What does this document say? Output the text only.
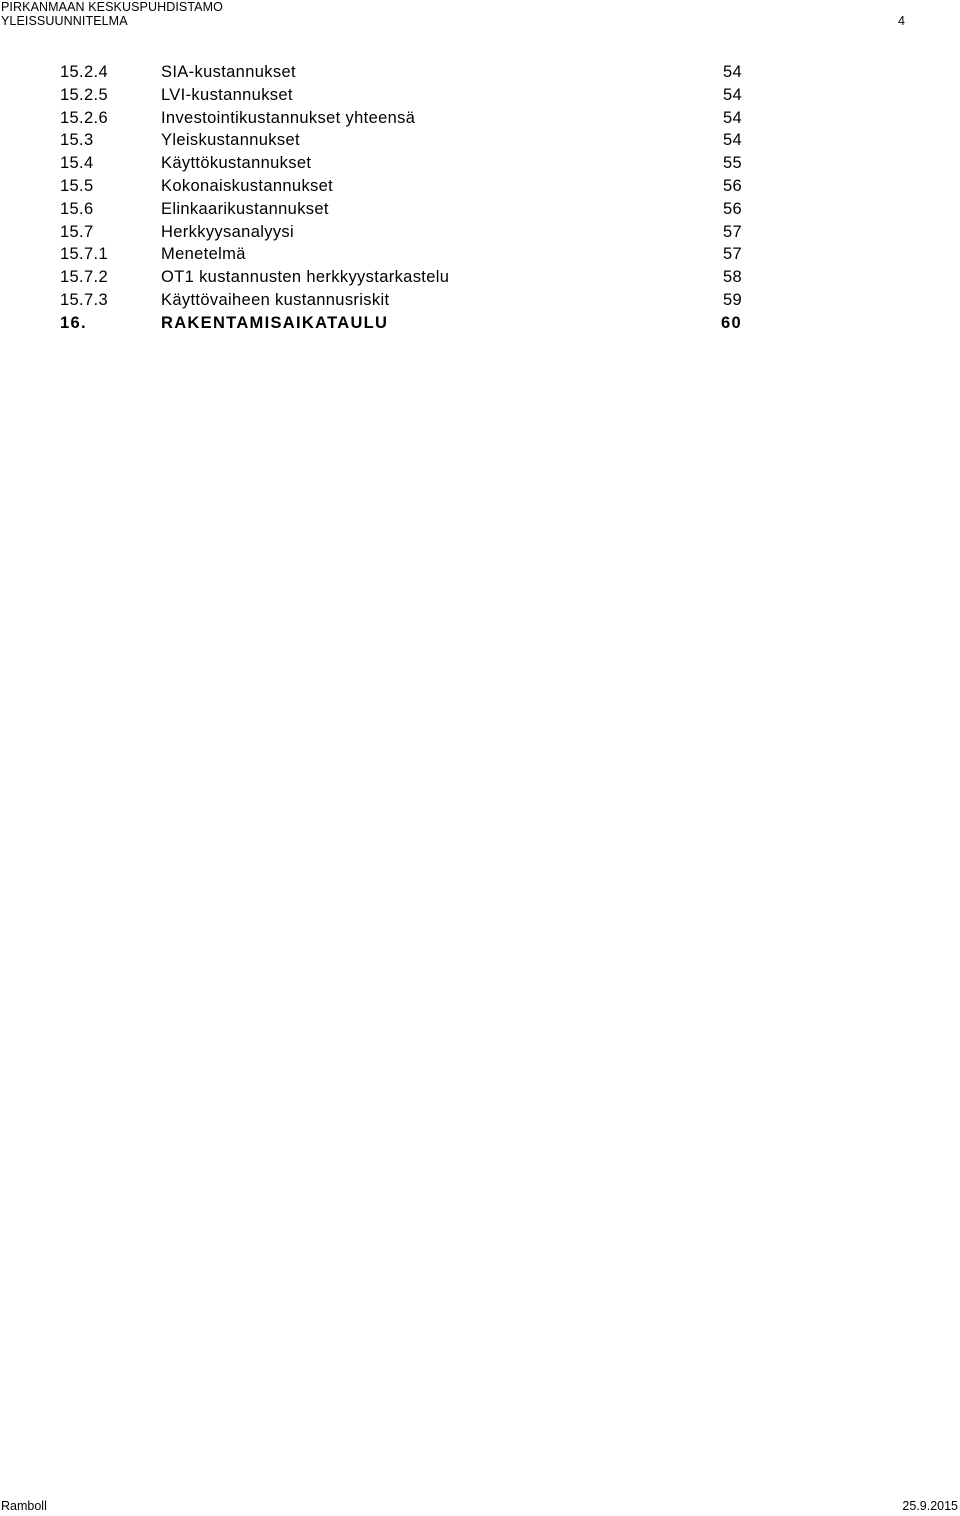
PIRKANMAAN KESKUSPUHDISTAMO
YLEISSUUNNITELMA	4
15.2.4	SIA-kustannukset	54
15.2.5	LVI-kustannukset	54
15.2.6	Investointikustannukset yhteensä	54
15.3	Yleiskustannukset	54
15.4	Käyttökustannukset	55
15.5	Kokonaiskustannukset	56
15.6	Elinkaarikustannukset	56
15.7	Herkkyysanalyysi	57
15.7.1	Menetelmä	57
15.7.2	OT1 kustannusten herkkyystarkastelu	58
15.7.3	Käyttövaiheen kustannusriskit	59
16.	RAKENTAMISAIKATAULU	60
Ramboll	25.9.2015
